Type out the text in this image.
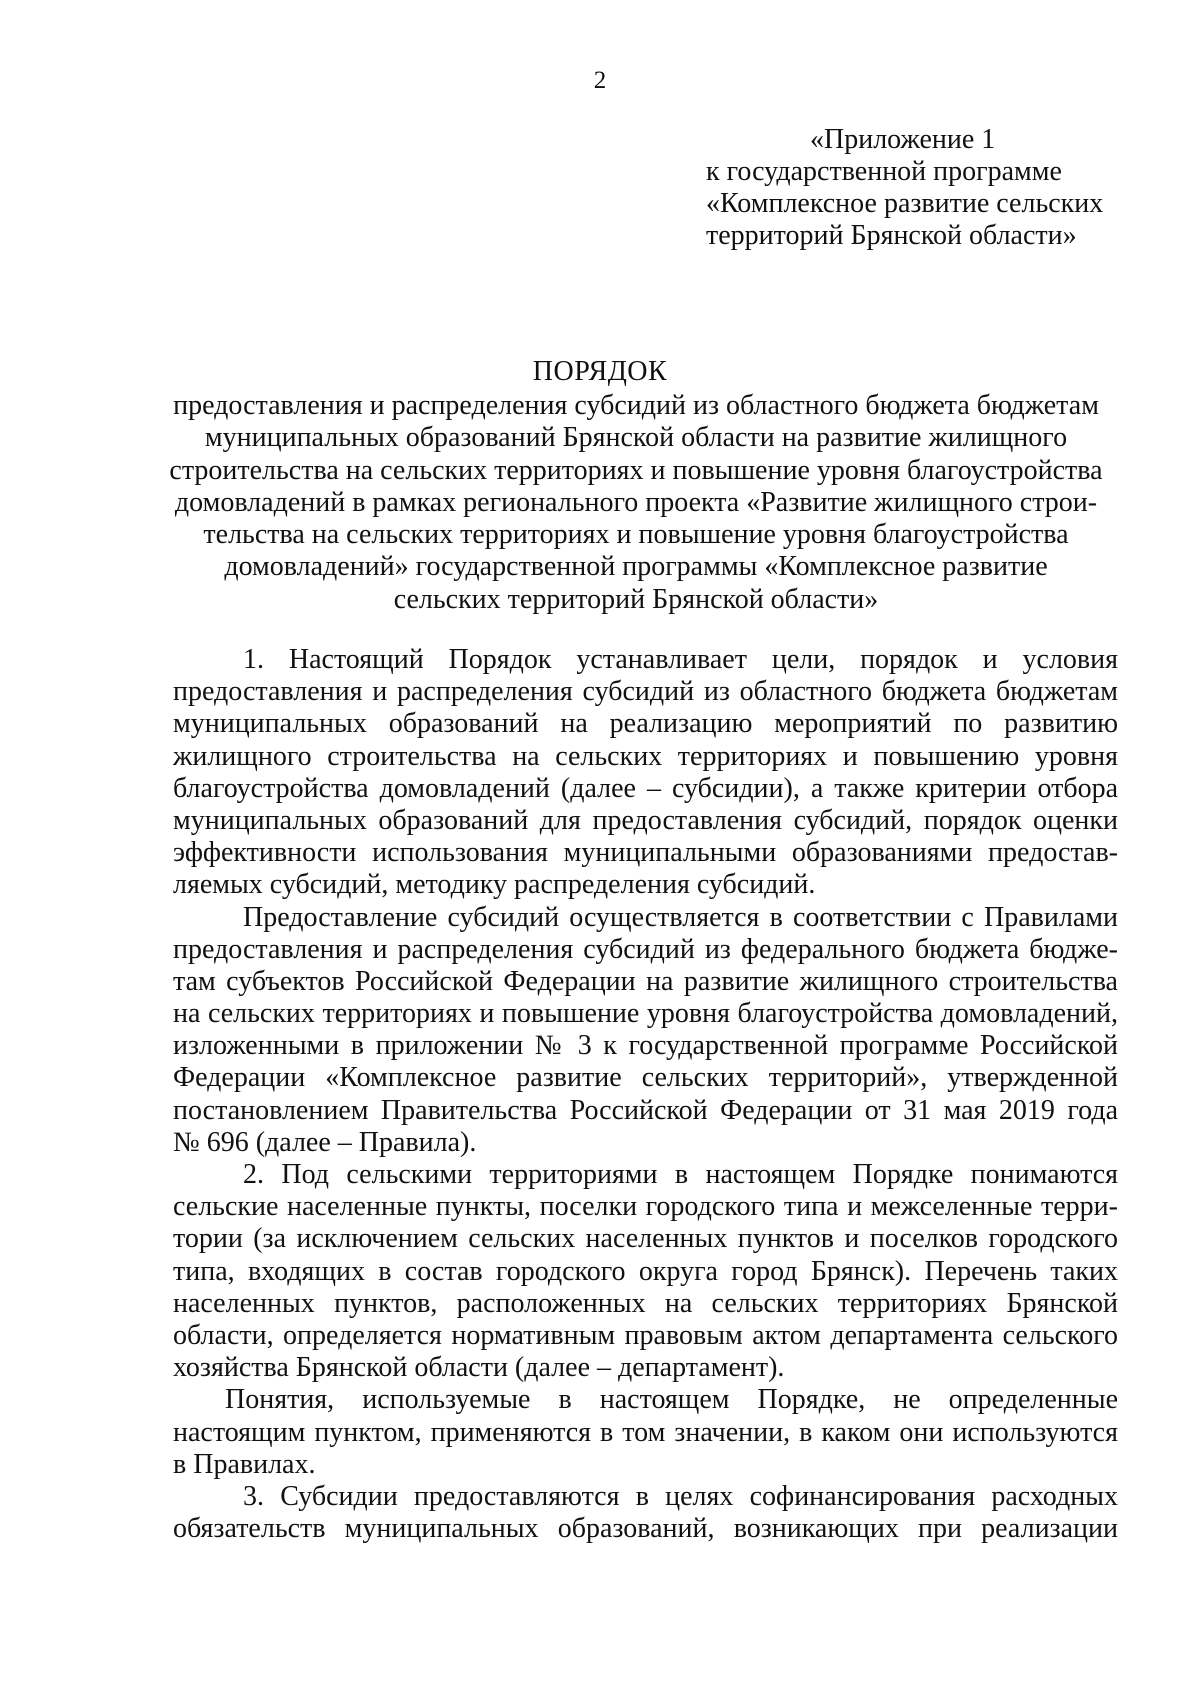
2
«Приложение 1
к государственной программе
«Комплексное развитие сельских
территорий Брянской области»
ПОРЯДОК
предоставления и распределения субсидий из областного бюджета бюджетам
муниципальных образований Брянской области на развитие жилищного
строительства на сельских территориях и повышение уровня благоустройства
домовладений в рамках регионального проекта «Развитие жилищного строи-
тельства на сельских территориях и повышение уровня благоустройства
домовладений» государственной программы «Комплексное развитие
сельских территорий Брянской области»
1. Настоящий Порядок устанавливает цели, порядок и условия
предоставления и распределения субсидий из областного бюджета бюджетам
муниципальных образований на реализацию мероприятий по развитию
жилищного строительства на сельских территориях и повышению уровня
благоустройства домовладений (далее – субсидии), а также критерии отбора
муниципальных образований для предоставления субсидий, порядок оценки
эффективности использования муниципальными образованиями предостав-
ляемых субсидий, методику распределения субсидий.
Предоставление субсидий осуществляется в соответствии с Правилами
предоставления и распределения субсидий из федерального бюджета бюдже-
там субъектов Российской Федерации на развитие жилищного строительства
на сельских территориях и повышение уровня благоустройства домовладений,
изложенными в приложении № 3 к государственной программе Российской
Федерации «Комплексное развитие сельских территорий», утвержденной
постановлением Правительства Российской Федерации от 31 мая 2019 года
№ 696 (далее – Правила).
2. Под сельскими территориями в настоящем Порядке понимаются
сельские населенные пункты, поселки городского типа и межселенные терри-
тории (за исключением сельских населенных пунктов и поселков городского
типа, входящих в состав городского округа город Брянск). Перечень таких
населенных пунктов, расположенных на сельских территориях Брянской
области, определяется нормативным правовым актом департамента сельского
хозяйства Брянской области (далее – департамент).
Понятия, используемые в настоящем Порядке, не определенные
настоящим пунктом, применяются в том значении, в каком они используются
в Правилах.
3. Субсидии предоставляются в целях софинансирования расходных
обязательств муниципальных образований, возникающих при реализации
